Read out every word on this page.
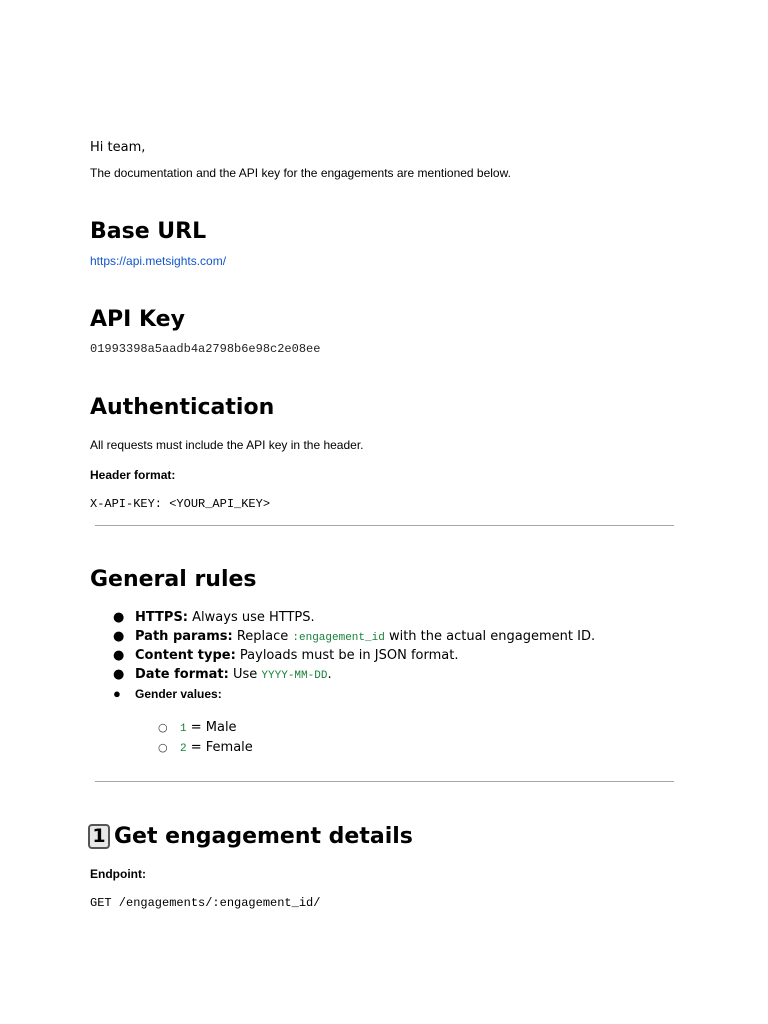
Hi team,
The documentation and the API key for the engagements are mentioned below.
Base URL
https://api.metsights.com/
API Key
01993398a5aadb4a2798b6e98c2e08ee
Authentication
All requests must include the API key in the header.
Header format:
X-API-KEY: <YOUR_API_KEY>
General rules
● HTTPS: Always use HTTPS.
● Path params: Replace :engagement_id with the actual engagement ID.
● Content type: Payloads must be in JSON format.
● Date format: Use YYYY-MM-DD.
● Gender values:
○ 1 = Male
○ 2 = Female
1 Get engagement details
Endpoint:
GET /engagements/:engagement_id/
